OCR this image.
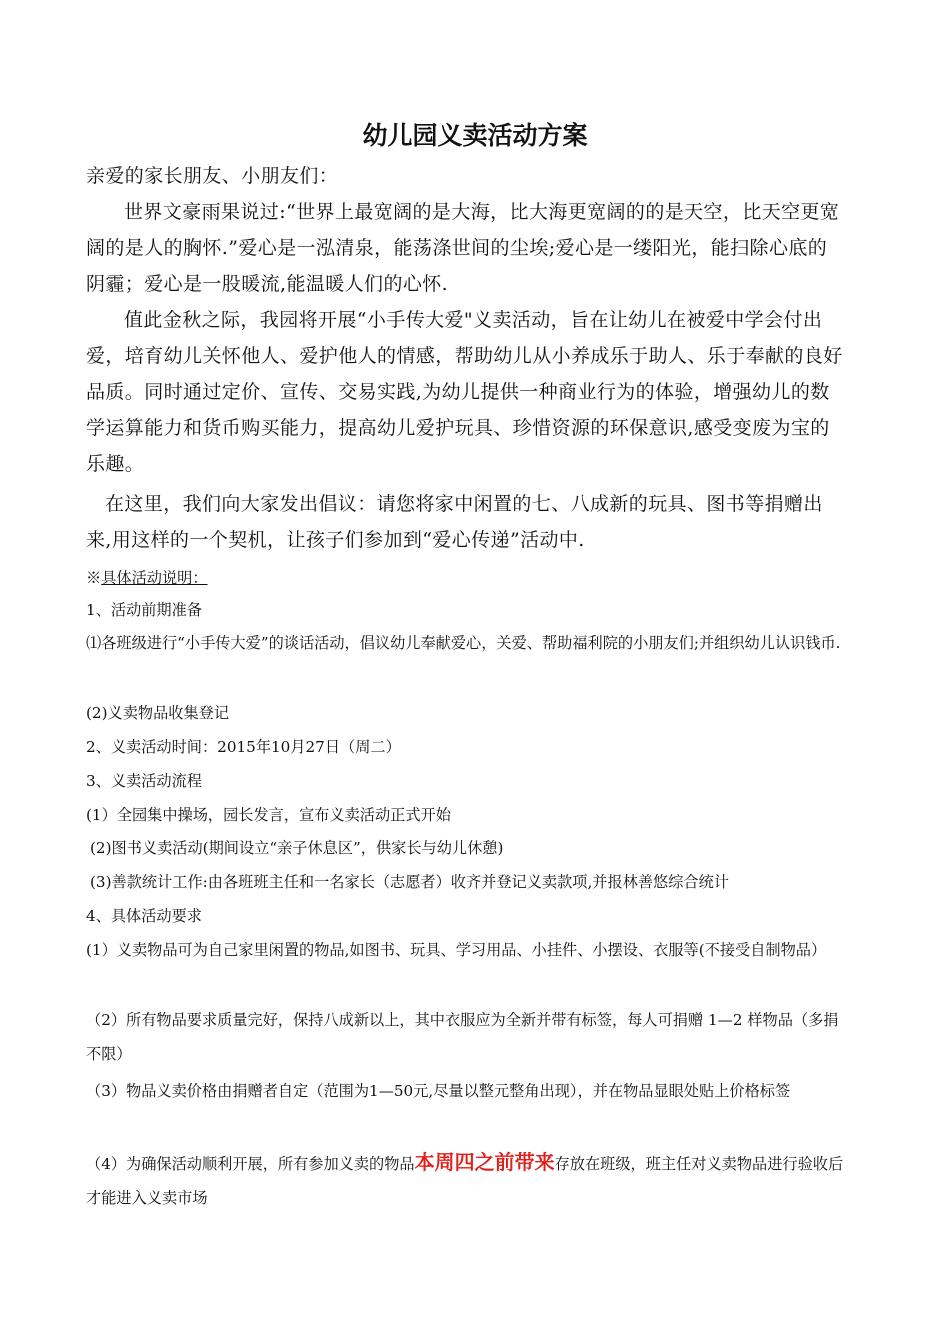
幼儿园义卖活动方案
亲爱的家长朋友、小朋友们：
世界文豪雨果说过:“世界上最宽阔的是大海，比大海更宽阔的的是天空，比天空更宽阔的是人的胸怀.”爱心是一泓清泉，能荡涤世间的尘埃;爱心是一缕阳光，能扫除心底的阴霾；爱心是一股暖流,能温暖人们的心怀.
值此金秋之际，我园将开展“小手传大爱"义卖活动，旨在让幼儿在被爱中学会付出爱，培育幼儿关怀他人、爱护他人的情感，帮助幼儿从小养成乐于助人、乐于奉献的良好品质。同时通过定价、宣传、交易实践,为幼儿提供一种商业行为的体验，增强幼儿的数学运算能力和货币购买能力，提高幼儿爱护玩具、珍惜资源的环保意识,感受变废为宝的乐趣。
在这里，我们向大家发出倡议：请您将家中闲置的七、八成新的玩具、图书等捐赠出来,用这样的一个契机，让孩子们参加到“爱心传递”活动中.
※具体活动说明：
1、活动前期准备
⑴各班级进行“小手传大爱”的谈话活动，倡议幼儿奉献爱心，关爱、帮助福利院的小朋友们;并组织幼儿认识钱币.
(2)义卖物品收集登记
2、义卖活动时间：2015年10月27日（周二）
3、义卖活动流程
(1）全园集中操场，园长发言，宣布义卖活动正式开始
(2)图书义卖活动(期间设立“亲子休息区”，供家长与幼儿休憩)
(3)善款统计工作:由各班班主任和一名家长（志愿者）收齐并登记义卖款项,并报林善悠综合统计
4、具体活动要求
(1）义卖物品可为自己家里闲置的物品,如图书、玩具、学习用品、小挂件、小摆设、衣服等(不接受自制物品）
（2）所有物品要求质量完好，保持八成新以上，其中衣服应为全新并带有标签，每人可捐赠 1—2 样物品（多捐不限）
（3）物品义卖价格由捐赠者自定（范围为1—50元,尽量以整元整角出现），并在物品显眼处贴上价格标签
（4）为确保活动顺利开展，所有参加义卖的物品本周四之前带来存放在班级，班主任对义卖物品进行验收后才能进入义卖市场
